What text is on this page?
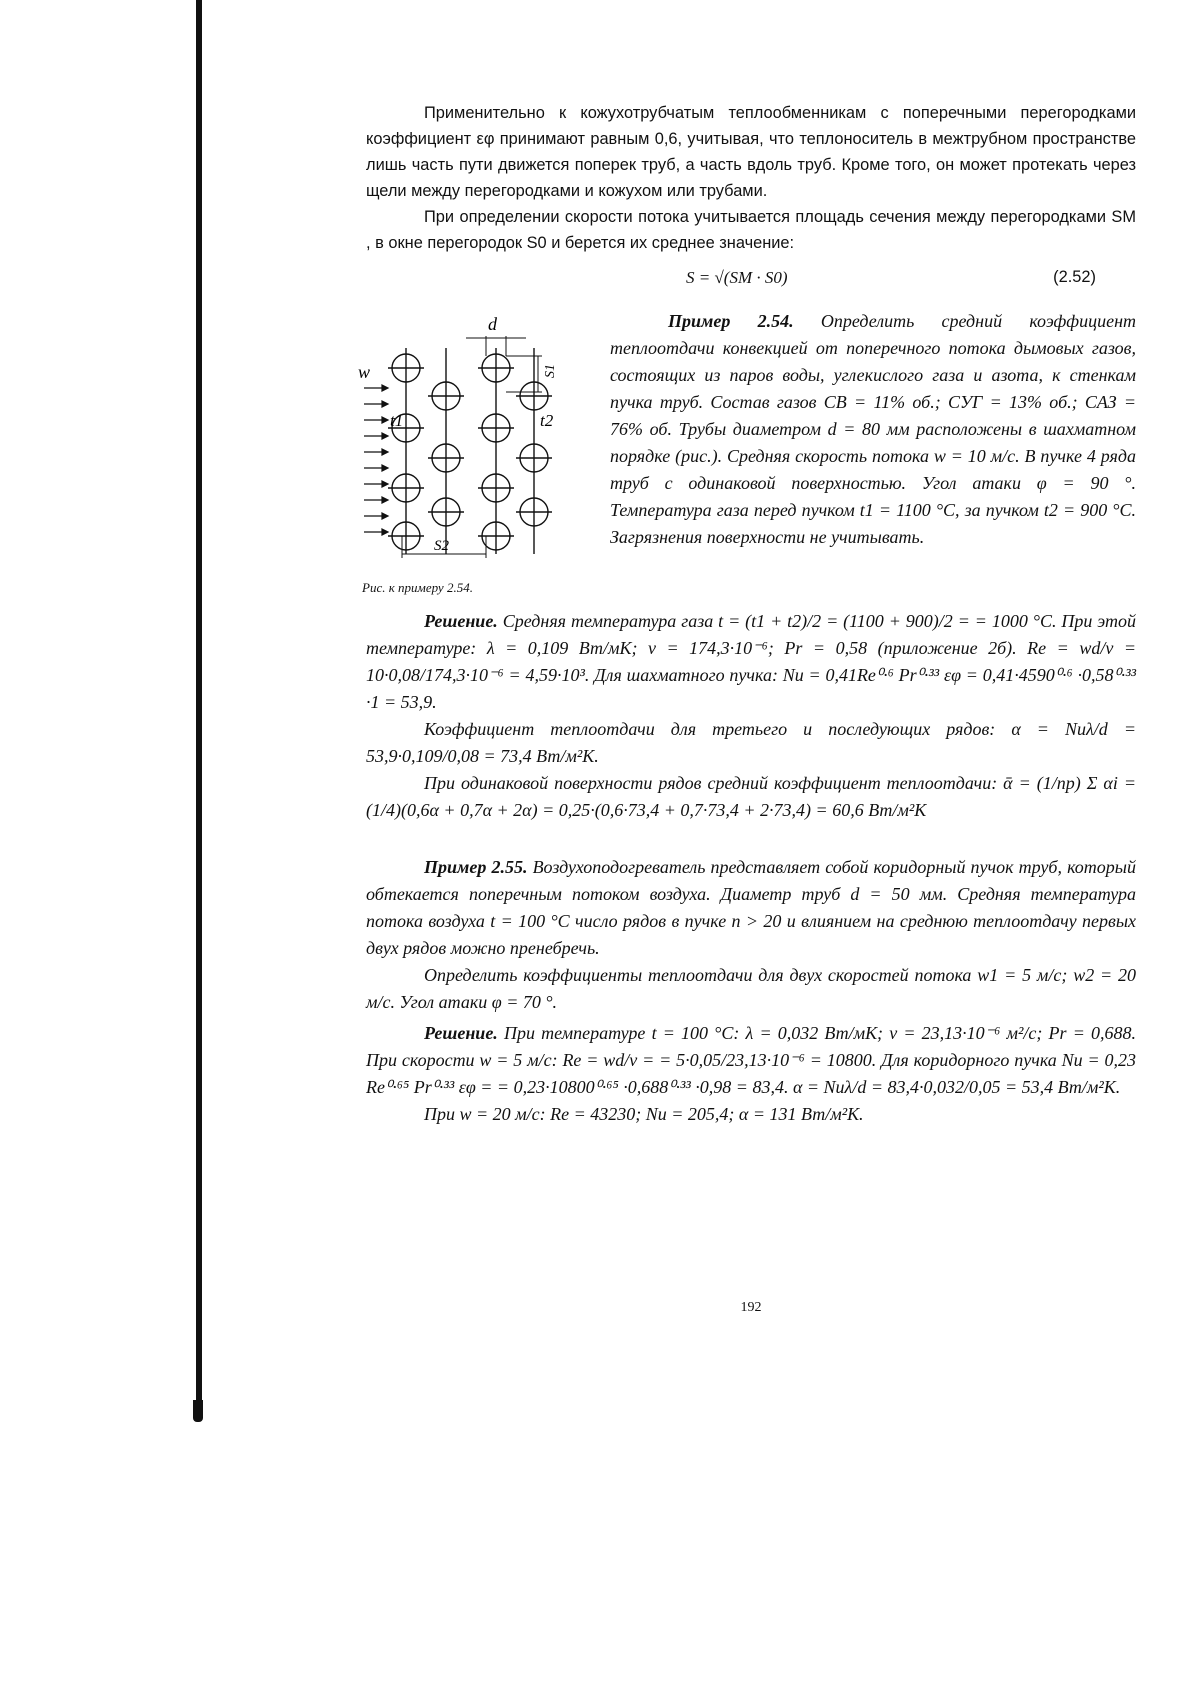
Применительно к кожухотрубчатым теплообменникам с поперечными перегородками коэффициент εφ принимают равным 0,6, учитывая, что теплоноситель в межтрубном пространстве лишь часть пути движется поперек труб, а часть вдоль труб. Кроме того, он может протекать через щели между перегородками и кожухом или трубами.

При определении скорости потока учитывается площадь сечения между перегородками SM , в окне перегородок S0 и берется их среднее значение:

S = √(SM · S0)	(2.52)
d
w
t1	t2
S1
S2
Рис. к примеру 2.54.

Пример 2.54. Определить средний коэффициент теплоотдачи конвекцией от поперечного потока дымовых газов, состоящих из паров воды, углекислого газа и азота, к стенкам пучка труб. Состав газов CB = 11% об.; CУГ = 13% об.; CАЗ = 76% об. Трубы диаметром d = 80 мм расположены в шахматном порядке (рис.). Средняя скорость потока w = 10 м/с. В пучке 4 ряда труб с одинаковой поверхностью. Угол атаки φ = 90 °. Температура газа перед пучком t1 = 1100 °C, за пучком t2 = 900 °C. Загрязнения поверхности не учитывать.

Решение. Средняя температура газа t = (t1 + t2)/2 = (1100 + 900)/2 = = 1000 °C. При этой температуре: λ = 0,109 Вт/мК; ν = 174,3·10⁻⁶; Pr = 0,58 (приложение 2б). Re = wd/ν = 10·0,08/174,3·10⁻⁶ = 4,59·10³. Для шахматного пучка: Nu = 0,41Re⁰·⁶ Pr⁰·³³ εφ = 0,41·4590⁰·⁶ ·0,58⁰·³³ ·1 = 53,9.

Коэффициент теплоотдачи для третьего и последующих рядов: α = Nuλ/d = 53,9·0,109/0,08 = 73,4 Вт/м²К.

При одинаковой поверхности рядов средний коэффициент теплоотдачи: ᾱ = (1/np) Σ αi = (1/4)(0,6α + 0,7α + 2α) = 0,25·(0,6·73,4 + 0,7·73,4 + 2·73,4) = 60,6 Вт/м²К

Пример 2.55. Воздухоподогреватель представляет собой коридорный пучок труб, который обтекается поперечным потоком воздуха. Диаметр труб d = 50 мм. Средняя температура потока воздуха t = 100 °C число рядов в пучке n > 20 и влиянием на среднюю теплоотдачу первых двух рядов можно пренебречь.

Определить коэффициенты теплоотдачи для двух скоростей потока w1 = 5 м/с; w2 = 20 м/с. Угол атаки φ = 70 °.

Решение. При температуре t = 100 °C: λ = 0,032 Вт/мК; ν = 23,13·10⁻⁶ м²/с; Pr = 0,688. При скорости w = 5 м/с: Re = wd/ν = = 5·0,05/23,13·10⁻⁶ = 10800. Для коридорного пучка Nu = 0,23 Re⁰·⁶⁵ Pr⁰·³³ εφ = = 0,23·10800⁰·⁶⁵ ·0,688⁰·³³ ·0,98 = 83,4. α = Nuλ/d = 83,4·0,032/0,05 = 53,4 Вт/м²К.

При w = 20 м/с: Re = 43230; Nu = 205,4; α = 131 Вт/м²К.

192
